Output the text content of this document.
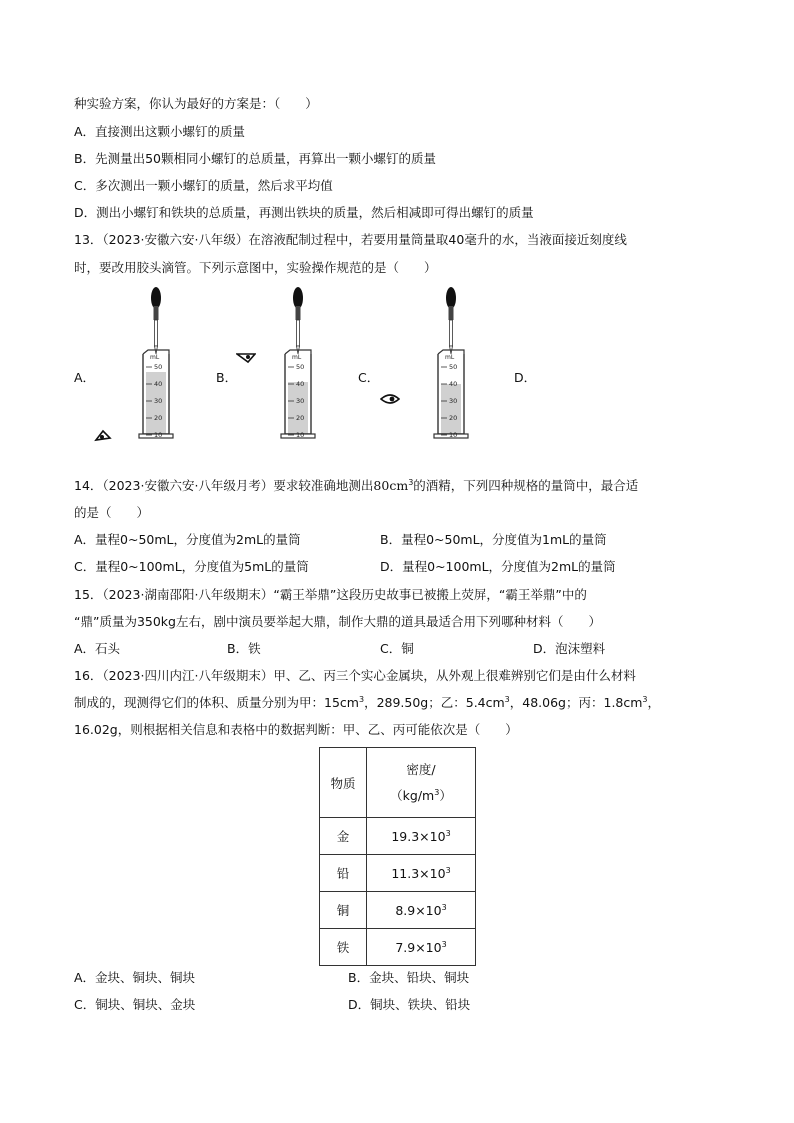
种实验方案，你认为最好的方案是：（　　）
A．直接测出这颗小螺钉的质量
B．先测量出50颗相同小螺钉的总质量，再算出一颗小螺钉的质量
C．多次测出一颗小螺钉的质量，然后求平均值
D．测出小螺钉和铁块的总质量，再测出铁块的质量，然后相减即可得出螺钉的质量
13．（2023·安徽六安·八年级）在溶液配制过程中，若要用量筒量取40毫升的水，当液面接近刻度线
时，要改用胶头滴管。下列示意图中，实验操作规范的是（　　）
A．	B．	C．	D．
mL
50
40
30
20
10
mL
50
40
30
20
10
mL
50
40
30
20
10
14．（2023·安徽六安·八年级月考）要求较准确地测出$80cm^3$的酒精，下列四种规格的量筒中，最合适
的是（　　）
A．量程0~50mL，分度值为2mL的量筒	B．量程0~50mL，分度值为1mL的量筒
C．量程0~100mL，分度值为5mL的量筒	D．量程0~100mL，分度值为2mL的量筒
15．（2023·湖南邵阳·八年级期末）“霸王举鼎”这段历史故事已被搬上荧屏，“霸王举鼎”中的
“鼎”质量为350kg左右，剧中演员要举起大鼎，制作大鼎的道具最适合用下列哪种材料（　　）
A．石头	B．铁	C．铜	D．泡沫塑料
16．（2023·四川内江·八年级期末）甲、乙、丙三个实心金属块，从外观上很难辨别它们是由什么材料
制成的，现测得它们的体积、质量分别为甲：$15cm^3$，289.50g；乙：$5.4cm^3$，48.06g；丙：$1.8cm^3$，
16.02g，则根据相关信息和表格中的数据判断：甲、乙、丙可能依次是（　　）
物质	密度/
$(kg/m^3)$

金	$19.3\times 10^3$
铅	$11.3\times 10^3$
铜	$8.9\times 10^3$
铁	$7.9\times 10^3$
A．金块、铜块、铜块	B．金块、铅块、铜块
C．铜块、铜块、金块	D．铜块、铁块、铅块
